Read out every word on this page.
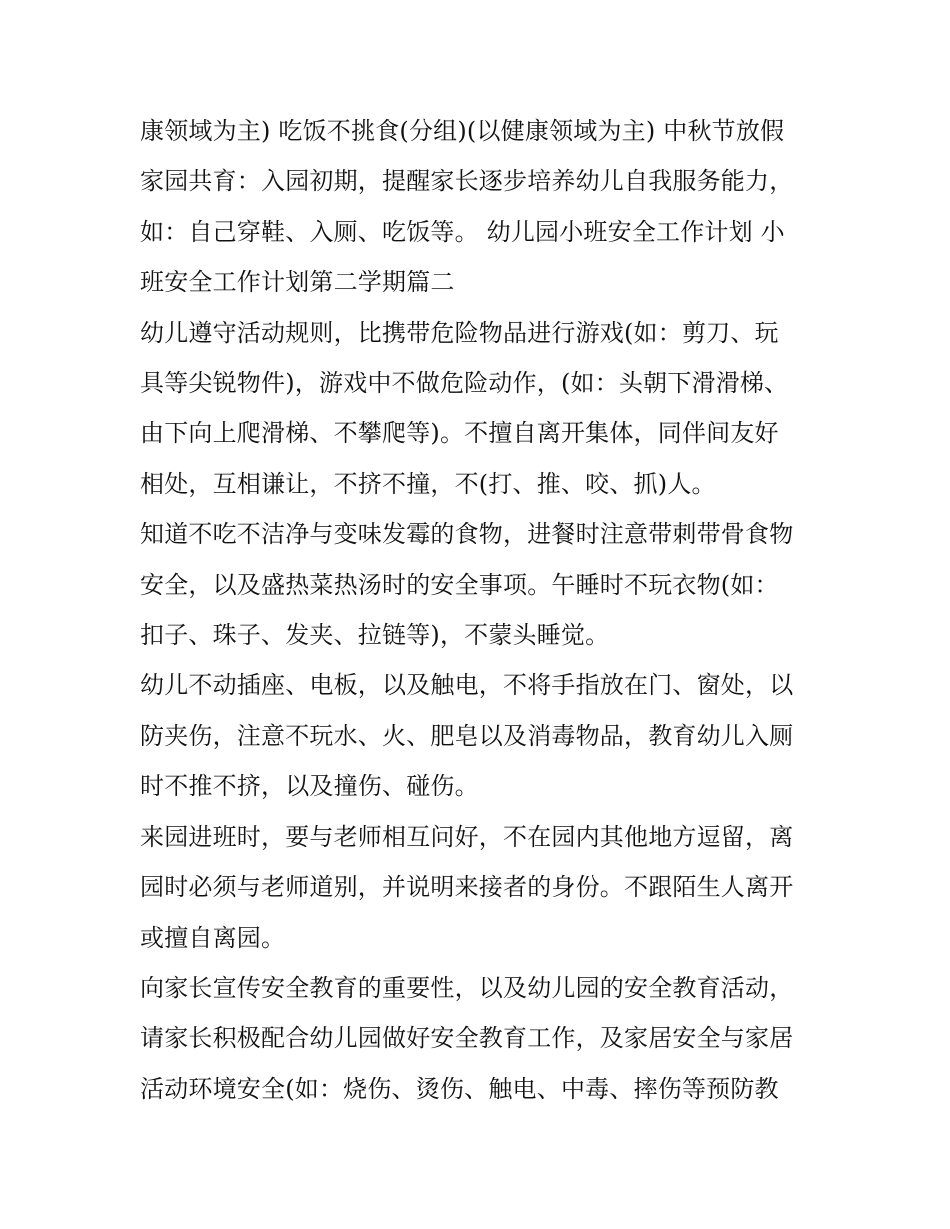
康领域为主) 吃饭不挑食(分组)(以健康领域为主) 中秋节放假
家园共育：入园初期，提醒家长逐步培养幼儿自我服务能力，
如：自己穿鞋、入厕、吃饭等。 幼儿园小班安全工作计划 小
班安全工作计划第二学期篇二

幼儿遵守活动规则，比携带危险物品进行游戏(如：剪刀、玩
具等尖锐物件)，游戏中不做危险动作，(如：头朝下滑滑梯、
由下向上爬滑梯、不攀爬等)。不擅自离开集体，同伴间友好
相处，互相谦让，不挤不撞，不(打、推、咬、抓)人。

知道不吃不洁净与变味发霉的食物，进餐时注意带刺带骨食物
安全，以及盛热菜热汤时的安全事项。午睡时不玩衣物(如：
扣子、珠子、发夹、拉链等)，不蒙头睡觉。

幼儿不动插座、电板，以及触电，不将手指放在门、窗处，以
防夹伤，注意不玩水、火、肥皂以及消毒物品，教育幼儿入厕
时不推不挤，以及撞伤、碰伤。

来园进班时，要与老师相互问好，不在园内其他地方逗留，离
园时必须与老师道别，并说明来接者的身份。不跟陌生人离开
或擅自离园。

向家长宣传安全教育的重要性，以及幼儿园的安全教育活动，
请家长积极配合幼儿园做好安全教育工作，及家居安全与家居
活动环境安全(如：烧伤、烫伤、触电、中毒、摔伤等预防教
